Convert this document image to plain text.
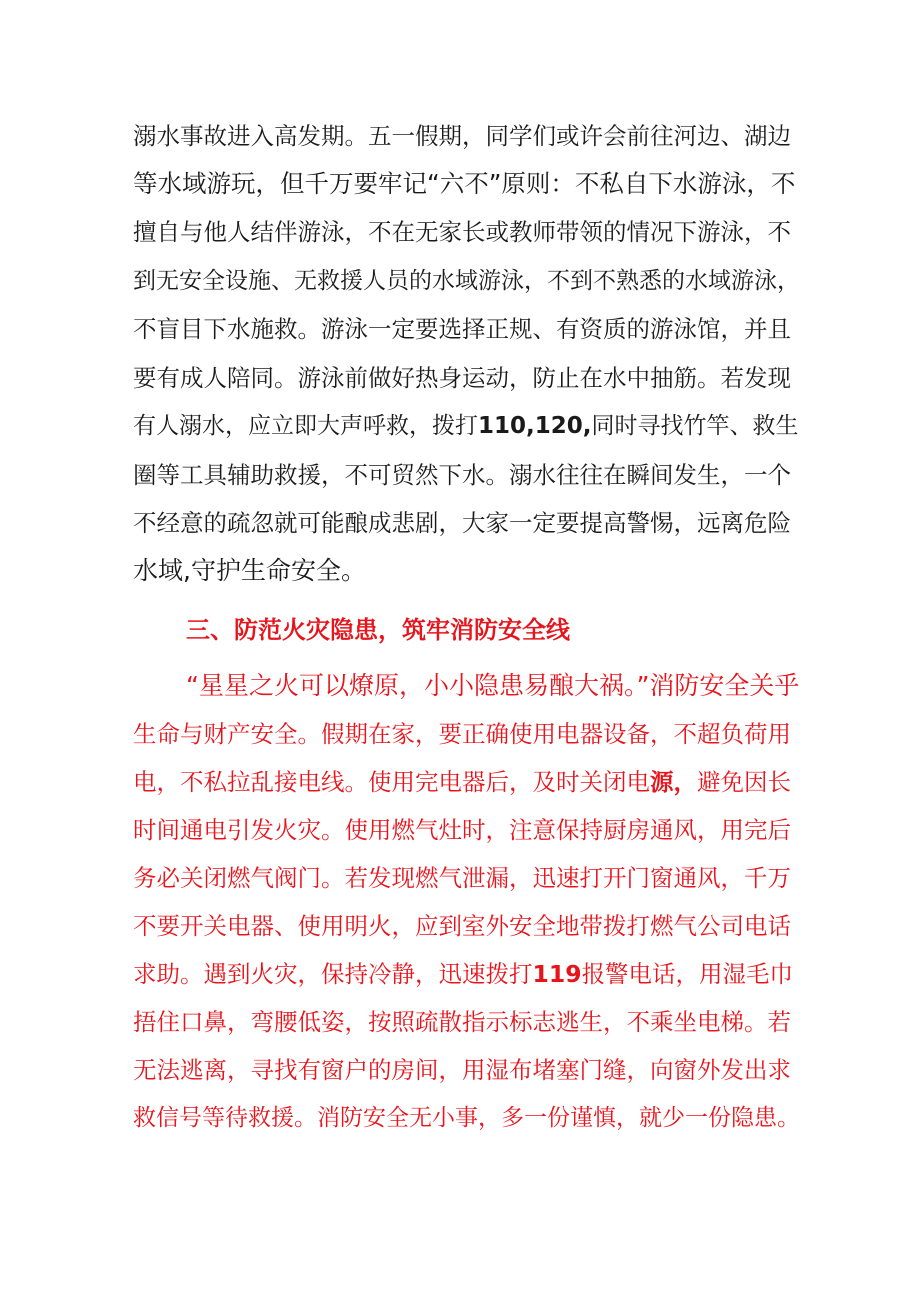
溺水事故进入高发期。五一假期，同学们或许会前往河边、湖边
等水域游玩，但千万要牢记“六不”原则：不私自下水游泳，不
擅自与他人结伴游泳，不在无家长或教师带领的情况下游泳，不
到无安全设施、无救援人员的水域游泳，不到不熟悉的水域游泳，
不盲目下水施救。游泳一定要选择正规、有资质的游泳馆，并且
要有成人陪同。游泳前做好热身运动，防止在水中抽筋。若发现
有人溺水，应立即大声呼救，拨打110,120,同时寻找竹竿、救生
圈等工具辅助救援，不可贸然下水。溺水往往在瞬间发生，一个
不经意的疏忽就可能酿成悲剧，大家一定要提高警惕，远离危险
水域,守护生命安全。
三、防范火灾隐患，筑牢消防安全线
“星星之火可以燎原，小小隐患易酿大祸。”消防安全关乎
生命与财产安全。假期在家，要正确使用电器设备，不超负荷用
电，不私拉乱接电线。使用完电器后，及时关闭电源，避免因长
时间通电引发火灾。使用燃气灶时，注意保持厨房通风，用完后
务必关闭燃气阀门。若发现燃气泄漏，迅速打开门窗通风，千万
不要开关电器、使用明火，应到室外安全地带拨打燃气公司电话
求助。遇到火灾，保持冷静，迅速拨打119报警电话，用湿毛巾
捂住口鼻，弯腰低姿，按照疏散指示标志逃生，不乘坐电梯。若
无法逃离，寻找有窗户的房间，用湿布堵塞门缝，向窗外发出求
救信号等待救援。消防安全无小事，多一份谨慎，就少一份隐患。
